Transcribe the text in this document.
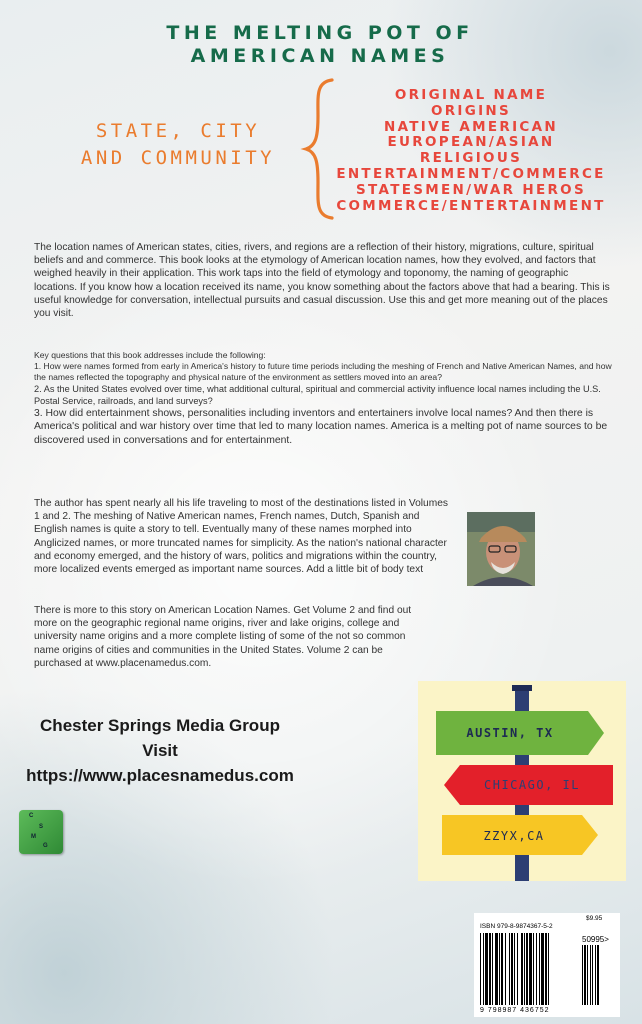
THE MELTING POT OF
AMERICAN NAMES
STATE, CITY
AND COMMUNITY
ORIGINAL NAME
ORIGINS
NATIVE AMERICAN
EUROPEAN/ASIAN
RELIGIOUS
ENTERTAINMENT/COMMERCE
STATESMEN/WAR HEROS
COMMERCE/ENTERTAINMENT

The location names of American states, cities, rivers, and regions are a reflection of their history, migrations, culture, spiritual beliefs and and commerce. This book looks at the etymology of American location names, how they evolved, and factors that weighed heavily in their application. This work taps into the field of etymology and toponomy, the naming of geographic locations. If you know how a location received its name, you know something about the factors above that had a bearing. This is useful knowledge for conversation, intellectual pursuits and casual discussion. Use this and get more meaning out of the places you visit.

Key questions that this book addresses include the following:
1. How were names formed from early in America's history to future time periods including the meshing of French and Native American Names, and how the names reflected the topography and physical nature of the environment as settlers moved into an area?
2. As the United States evolved over time, what additional cultural, spiritual and commercial activity influence local names including the U.S. Postal Service, railroads, and land surveys?
3. How did entertainment shows, personalities including inventors and entertainers involve local names? And then there is America's political and war history over time that led to many location names. America is a melting pot of name sources to be discovered used in conversations and for entertainment.

The author has spent nearly all his life traveling to most of the destinations listed in Volumes 1 and 2. The meshing of Native American names, French names, Dutch, Spanish and English names is quite a story to tell. Eventually many of these names morphed into Anglicized names, or more truncated names for simplicity. As the nation's national character and economy emerged, and the history of wars, politics and migrations within the country, more localized events emerged as important name sources. Add a little bit of body text

There is more to this story on American Location Names. Get Volume 2 and find out more on the geographic regional name origins, river and lake origins, college and university name origins and a more complete listing of some of the not so common name origins of cities and communities in the United States. Volume 2 can be purchased at www.placenamedus.com.

Chester Springs Media Group
Visit
https://www.placesnamedus.com
C
S
M
G
AUSTIN, TX
CHICAGO, IL
ZZYX,CA
$9.95
ISBN 979-8-9874367-5-2
50995>
9 798987 436752
